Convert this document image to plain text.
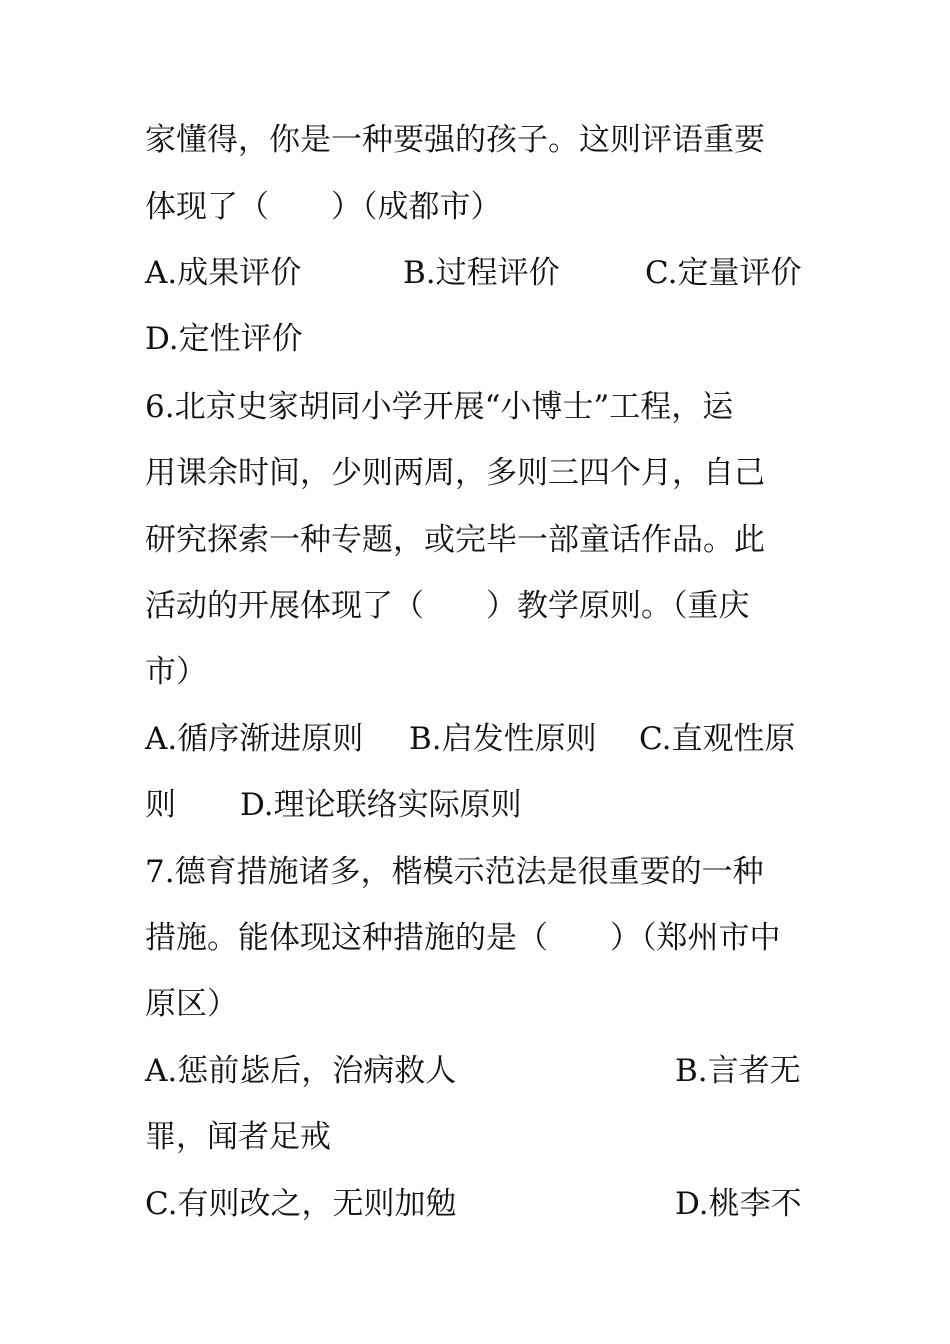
家懂得，你是一种要强的孩子。这则评语重要
体现了（　　）（成都市）
A.成果评价	B.过程评价	C.定量评价
D.定性评价
6.北京史家胡同小学开展“小博士”工程，运
用课余时间，少则两周，多则三四个月，自己
研究探索一种专题，或完毕一部童话作品。此
活动的开展体现了（　　）教学原则。（重庆
市）
A.循序渐进原则 B.启发性原则 C.直观性原
则 D.理论联络实际原则
7.德育措施诸多，楷模示范法是很重要的一种
措施。能体现这种措施的是（　　）（郑州市中
原区）
A.惩前毖后，治病救人	B.言者无
罪，闻者足戒
C.有则改之，无则加勉	D.桃李不
